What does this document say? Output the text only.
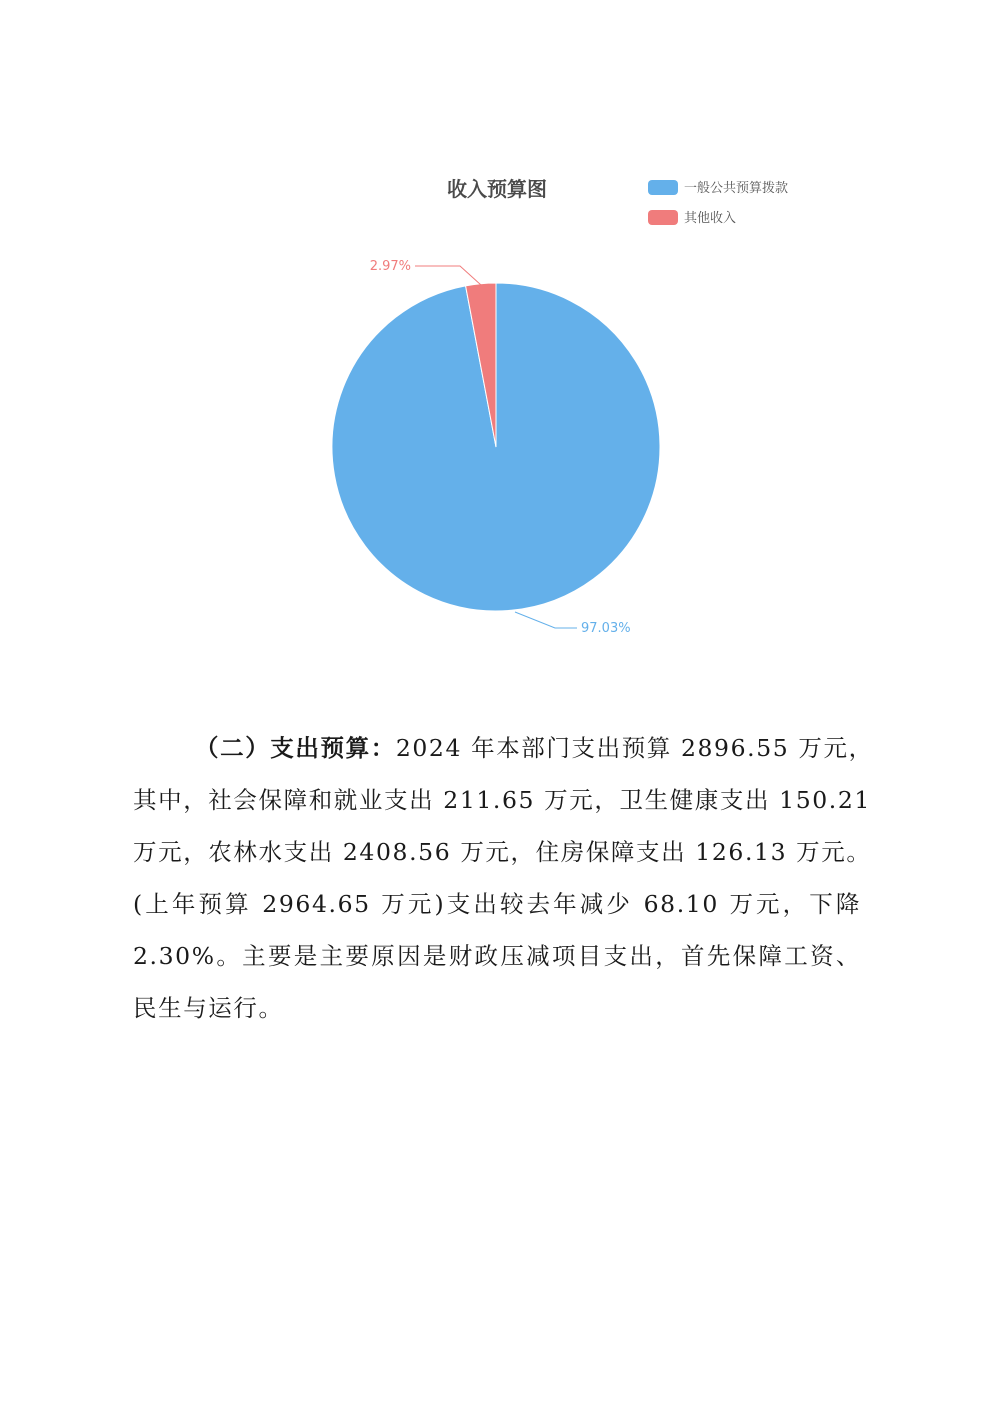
收入预算图	一般公共预算拨款
其他收入
2.97%
97.03%
（二）支出预算：2024 年本部门支出预算 2896.55 万元，
其中，社会保障和就业支出 211.65 万元，卫生健康支出 150.21
万元，农林水支出 2408.56 万元，住房保障支出 126.13 万元。
(上年预算 2964.65 万元)支出较去年减少 68.10 万元，下降
2.30%。主要是主要原因是财政压减项目支出，首先保障工资、
民生与运行。
